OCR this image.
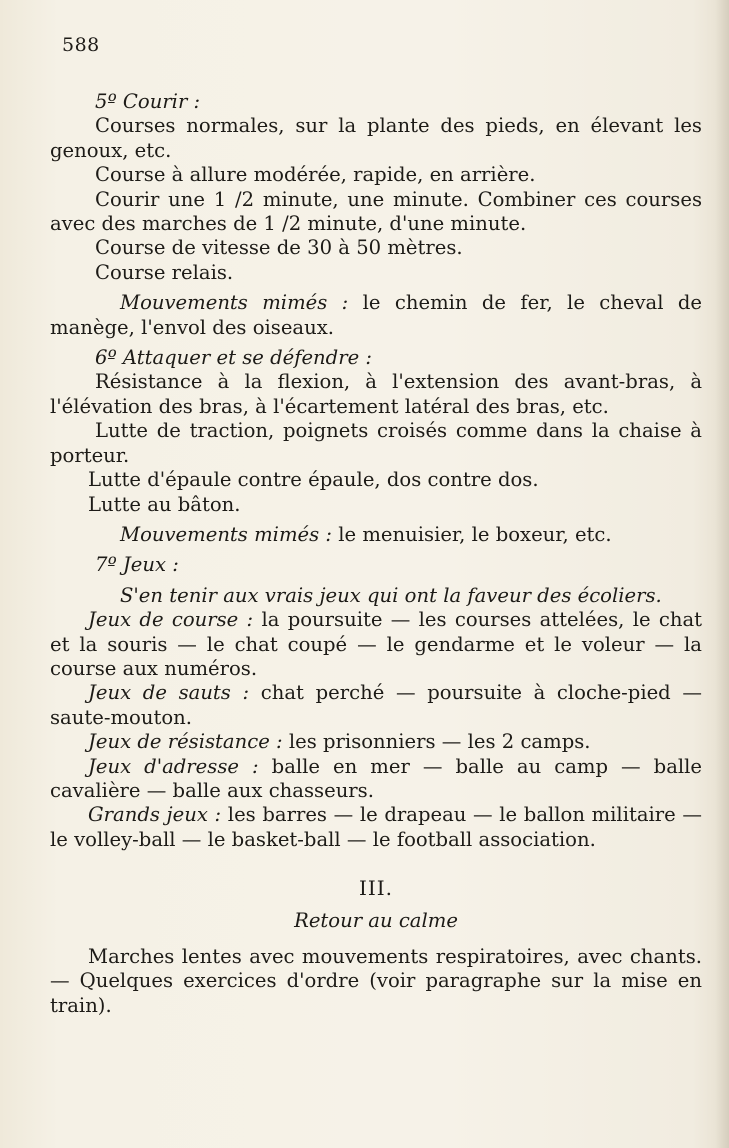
588

5º Courir :

Courses normales, sur la plante des pieds, en élevant les genoux, etc.

Course à allure modérée, rapide, en arrière.

Courir une 1 /2 minute, une minute. Combiner ces courses avec des marches de 1 /2 minute, d'une minute.

Course de vitesse de 30 à 50 mètres.

Course relais.

Mouvements mimés : le chemin de fer, le cheval de manège, l'envol des oiseaux.

6º Attaquer et se défendre :

Résistance à la flexion, à l'extension des avant-bras, à l'élévation des bras, à l'écartement latéral des bras, etc.

Lutte de traction, poignets croisés comme dans la chaise à porteur.

Lutte d'épaule contre épaule, dos contre dos.

Lutte au bâton.

Mouvements mimés : le menuisier, le boxeur, etc.

7º Jeux :

S'en tenir aux vrais jeux qui ont la faveur des écoliers.

Jeux de course : la poursuite — les courses attelées, le chat et la souris — le chat coupé — le gendarme et le voleur — la course aux numéros.

Jeux de sauts : chat perché — poursuite à cloche-pied — saute-mouton.

Jeux de résistance : les prisonniers — les 2 camps.

Jeux d'adresse : balle en mer — balle au camp — balle cavalière — balle aux chasseurs.

Grands jeux : les barres — le drapeau — le ballon militaire — le volley-ball — le basket-ball — le football association.

III.

Retour au calme

Marches lentes avec mouvements respiratoires, avec chants. — Quelques exercices d'ordre (voir paragraphe sur la mise en train).
